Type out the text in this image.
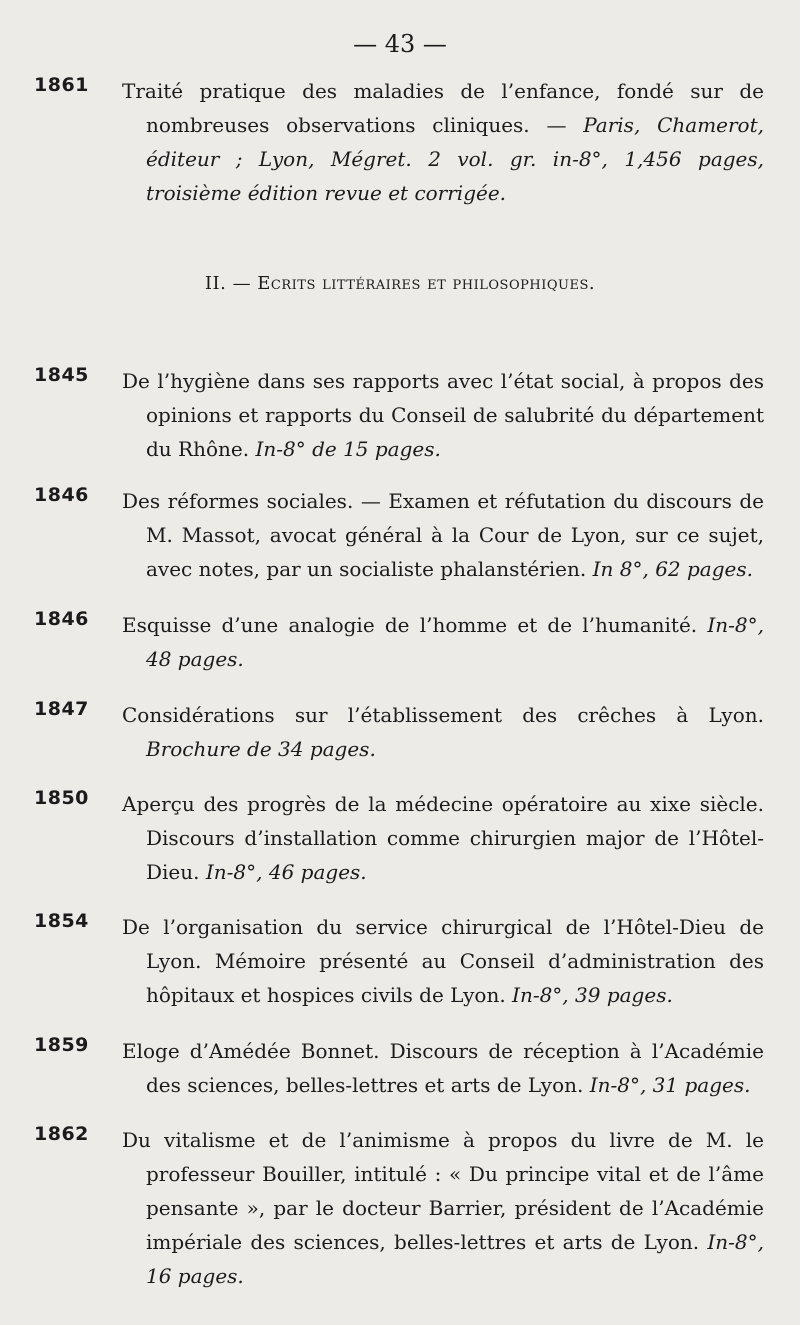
— 43 —
1861 Traité pratique des maladies de l’enfance, fondé sur de nombreuses observations cliniques. — Paris, Chamerot, éditeur ; Lyon, Mégret. 2 vol. gr. in-8°, 1,456 pages, troisième édition revue et corrigée.
II. — Ecrits littéraires et philosophiques.
1845 De l’hygiène dans ses rapports avec l’état social, à propos des opinions et rapports du Conseil de salubrité du département du Rhône. In-8° de 15 pages.
1846 Des réformes sociales. — Examen et réfutation du discours de M. Massot, avocat général à la Cour de Lyon, sur ce sujet, avec notes, par un socialiste phalanstérien. In 8°, 62 pages.
1846 Esquisse d’une analogie de l’homme et de l’humanité. In-8°, 48 pages.
1847 Considérations sur l’établissement des crêches à Lyon. Brochure de 34 pages.
1850 Aperçu des progrès de la médecine opératoire au xixe siècle. Discours d’installation comme chirurgien major de l’Hôtel-Dieu. In-8°, 46 pages.
1854 De l’organisation du service chirurgical de l’Hôtel-Dieu de Lyon. Mémoire présenté au Conseil d’administration des hôpitaux et hospices civils de Lyon. In-8°, 39 pages.
1859 Eloge d’Amédée Bonnet. Discours de réception à l’Académie des sciences, belles-lettres et arts de Lyon. In-8°, 31 pages.
1862 Du vitalisme et de l’animisme à propos du livre de M. le professeur Bouiller, intitulé : « Du principe vital et de l’âme pensante », par le docteur Barrier, président de l’Académie impériale des sciences, belles-lettres et arts de Lyon. In-8°, 16 pages.
